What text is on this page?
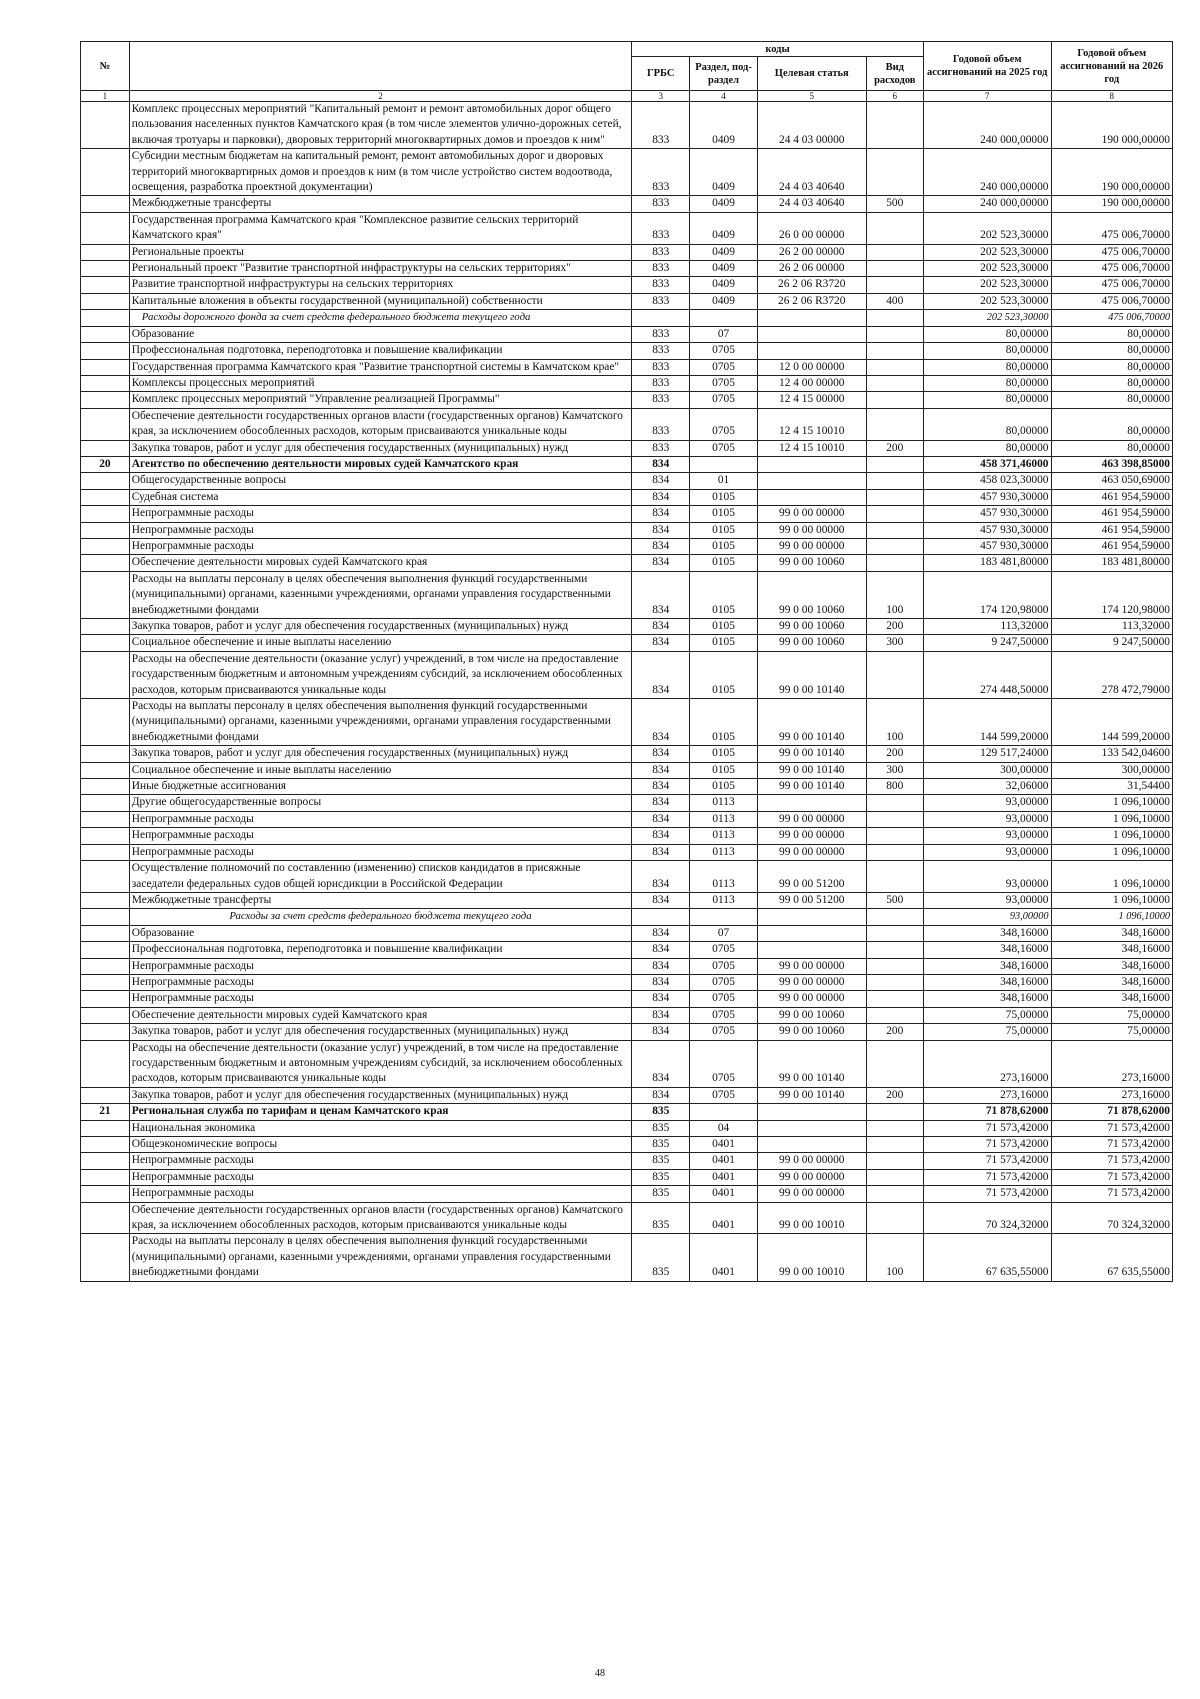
№		коды				Годовой объем ассигнований на 2025 год	Годовой объем ассигнований на 2026 год
		ГРБС	Раздел, под-раздел	Целевая статья	Вид расходов		
1	2	3	4	5	6	7	8
	Комплекс процессных мероприятий "Капитальный ремонт и ремонт автомобильных дорог общего пользования населенных пунктов Камчатского края (в том числе элементов улично-дорожных сетей, включая тротуары и парковки), дворовых территорий многоквартирных домов и проездов к ним"	833	0409	24 4 03 00000		240 000,00000	190 000,00000
	Субсидии местным бюджетам на капитальный ремонт, ремонт автомобильных дорог и дворовых территорий многоквартирных домов и проездов к ним (в том числе устройство систем водоотвода, освещения, разработка проектной документации)	833	0409	24 4 03 40640		240 000,00000	190 000,00000
	Межбюджетные трансферты	833	0409	24 4 03 40640	500	240 000,00000	190 000,00000
	Государственная программа Камчатского края "Комплексное развитие сельских территорий Камчатского края"	833	0409	26 0 00 00000		202 523,30000	475 006,70000
	Региональные проекты	833	0409	26 2 00 00000		202 523,30000	475 006,70000
	Региональный проект "Развитие транспортной инфраструктуры на сельских территориях"	833	0409	26 2 06 00000		202 523,30000	475 006,70000
	Развитие транспортной инфраструктуры на сельских территориях	833	0409	26 2 06 R3720		202 523,30000	475 006,70000
	Капитальные вложения в объекты государственной (муниципальной) собственности	833	0409	26 2 06 R3720	400	202 523,30000	475 006,70000
	Расходы дорожного фонда за счет средств федерального бюджета текущего года					202 523,30000	475 006,70000
	Образование	833	07			80,00000	80,00000
	Профессиональная подготовка, переподготовка и повышение квалификации	833	0705			80,00000	80,00000
	Государственная программа Камчатского края "Развитие транспортной системы в Камчатском крае"	833	0705	12 0 00 00000		80,00000	80,00000
	Комплексы процессных мероприятий	833	0705	12 4 00 00000		80,00000	80,00000
	Комплекс процессных мероприятий "Управление реализацией Программы"	833	0705	12 4 15 00000		80,00000	80,00000
	Обеспечение деятельности государственных органов власти (государственных органов) Камчатского края, за исключением обособленных расходов, которым присваиваются уникальные коды	833	0705	12 4 15 10010		80,00000	80,00000
	Закупка товаров, работ и услуг для обеспечения государственных (муниципальных) нужд	833	0705	12 4 15 10010	200	80,00000	80,00000
20	Агентство по обеспечению деятельности мировых судей Камчатского края	834				458 371,46000	463 398,85000
	Общегосударственные вопросы	834	01			458 023,30000	463 050,69000
	Судебная система	834	0105			457 930,30000	461 954,59000
	Непрограммные расходы	834	0105	99 0 00 00000		457 930,30000	461 954,59000
	Непрограммные расходы	834	0105	99 0 00 00000		457 930,30000	461 954,59000
	Непрограммные расходы	834	0105	99 0 00 00000		457 930,30000	461 954,59000
	Обеспечение деятельности мировых судей Камчатского края	834	0105	99 0 00 10060		183 481,80000	183 481,80000
	Расходы на выплаты персоналу в целях обеспечения выполнения функций государственными (муниципальными) органами, казенными учреждениями, органами управления государственными внебюджетными фондами	834	0105	99 0 00 10060	100	174 120,98000	174 120,98000
	Закупка товаров, работ и услуг для обеспечения государственных (муниципальных) нужд	834	0105	99 0 00 10060	200	113,32000	113,32000
	Социальное обеспечение и иные выплаты населению	834	0105	99 0 00 10060	300	9 247,50000	9 247,50000
	Расходы на обеспечение деятельности (оказание услуг) учреждений, в том числе на предоставление государственным бюджетным и автономным учреждениям субсидий, за исключением обособленных расходов, которым присваиваются уникальные коды	834	0105	99 0 00 10140		274 448,50000	278 472,79000
	Расходы на выплаты персоналу в целях обеспечения выполнения функций государственными (муниципальными) органами, казенными учреждениями, органами управления государственными внебюджетными фондами	834	0105	99 0 00 10140	100	144 599,20000	144 599,20000
	Закупка товаров, работ и услуг для обеспечения государственных (муниципальных) нужд	834	0105	99 0 00 10140	200	129 517,24000	133 542,04600
	Социальное обеспечение и иные выплаты населению	834	0105	99 0 00 10140	300	300,00000	300,00000
	Иные бюджетные ассигнования	834	0105	99 0 00 10140	800	32,06000	31,54400
	Другие общегосударственные вопросы	834	0113			93,00000	1 096,10000
	Непрограммные расходы	834	0113	99 0 00 00000		93,00000	1 096,10000
	Непрограммные расходы	834	0113	99 0 00 00000		93,00000	1 096,10000
	Непрограммные расходы	834	0113	99 0 00 00000		93,00000	1 096,10000
	Осуществление полномочий по составлению (изменению) списков кандидатов в присяжные заседатели федеральных судов общей юрисдикции в Российской Федерации	834	0113	99 0 00 51200		93,00000	1 096,10000
	Межбюджетные трансферты	834	0113	99 0 00 51200	500	93,00000	1 096,10000
	Расходы за счет средств федерального бюджета текущего года					93,00000	1 096,10000
	Образование	834	07			348,16000	348,16000
	Профессиональная подготовка, переподготовка и повышение квалификации	834	0705			348,16000	348,16000
	Непрограммные расходы	834	0705	99 0 00 00000		348,16000	348,16000
	Непрограммные расходы	834	0705	99 0 00 00000		348,16000	348,16000
	Непрограммные расходы	834	0705	99 0 00 00000		348,16000	348,16000
	Обеспечение деятельности мировых судей Камчатского края	834	0705	99 0 00 10060		75,00000	75,00000
	Закупка товаров, работ и услуг для обеспечения государственных (муниципальных) нужд	834	0705	99 0 00 10060	200	75,00000	75,00000
	Расходы на обеспечение деятельности (оказание услуг) учреждений, в том числе на предоставление государственным бюджетным и автономным учреждениям субсидий, за исключением обособленных расходов, которым присваиваются уникальные коды	834	0705	99 0 00 10140		273,16000	273,16000
	Закупка товаров, работ и услуг для обеспечения государственных (муниципальных) нужд	834	0705	99 0 00 10140	200	273,16000	273,16000
21	Региональная служба по тарифам и ценам Камчатского края	835				71 878,62000	71 878,62000
	Национальная экономика	835	04			71 573,42000	71 573,42000
	Общеэкономические вопросы	835	0401			71 573,42000	71 573,42000
	Непрограммные расходы	835	0401	99 0 00 00000		71 573,42000	71 573,42000
	Непрограммные расходы	835	0401	99 0 00 00000		71 573,42000	71 573,42000
	Непрограммные расходы	835	0401	99 0 00 00000		71 573,42000	71 573,42000
	Обеспечение деятельности государственных органов власти (государственных органов) Камчатского края, за исключением обособленных расходов, которым присваиваются уникальные коды	835	0401	99 0 00 10010		70 324,32000	70 324,32000
	Расходы на выплаты персоналу в целях обеспечения выполнения функций государственными (муниципальными) органами, казенными учреждениями, органами управления государственными внебюджетными фондами	835	0401	99 0 00 10010	100	67 635,55000	67 635,55000
48
